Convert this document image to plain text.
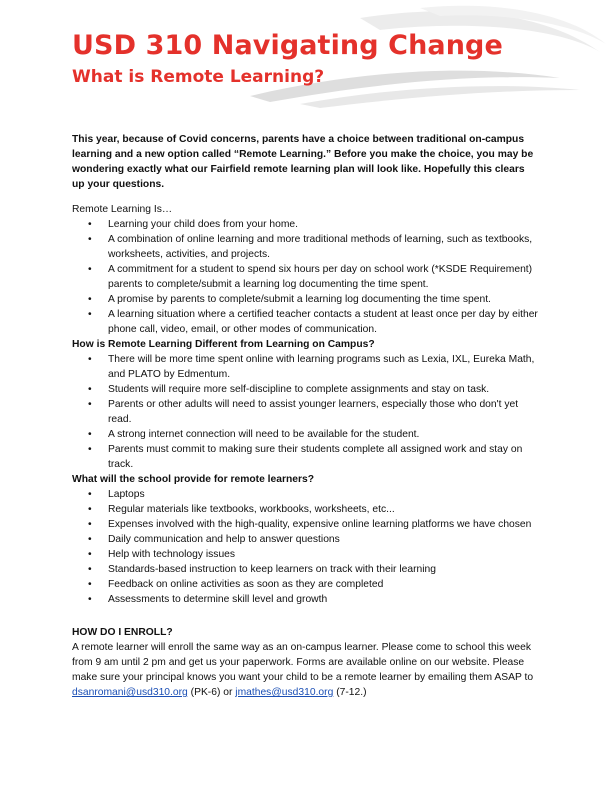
USD 310 Navigating Change
What is Remote Learning?

This year, because of Covid concerns, parents have a choice between traditional on-campus learning and a new option called “Remote Learning.” Before you make the choice, you may be wondering exactly what our Fairfield remote learning plan will look like. Hopefully this clears up your questions.

Remote Learning Is…

• Learning your child does from your home.
• A combination of online learning and more traditional methods of learning, such as textbooks, worksheets, activities, and projects.
• A commitment for a student to spend six hours per day on school work (*KSDE Requirement) parents to complete/submit a learning log documenting the time spent.
• A promise by parents to complete/submit a learning log documenting the time spent.
• A learning situation where a certified teacher contacts a student at least once per day by either phone call, video, email, or other modes of communication.

How is Remote Learning Different from Learning on Campus?

• There will be more time spent online with learning programs such as Lexia, IXL, Eureka Math, and PLATO by Edmentum.
• Students will require more self-discipline to complete assignments and stay on task.
• Parents or other adults will need to assist younger learners, especially those who don't yet read.
• A strong internet connection will need to be available for the student.
• Parents must commit to making sure their students complete all assigned work and stay on track.

What will the school provide for remote learners?

• Laptops
• Regular materials like textbooks, workbooks, worksheets, etc...
• Expenses involved with the high-quality, expensive online learning platforms we have chosen
• Daily communication and help to answer questions
• Help with technology issues
• Standards-based instruction to keep learners on track with their learning
• Feedback on online activities as soon as they are completed
• Assessments to determine skill level and growth

HOW DO I ENROLL?

A remote learner will enroll the same way as an on-campus learner. Please come to school this week from 9 am until 2 pm and get us your paperwork. Forms are available online on our website. Please make sure your principal knows you want your child to be a remote learner by emailing them ASAP to dsanromani@usd310.org (PK-6) or jmathes@usd310.org (7-12.)
